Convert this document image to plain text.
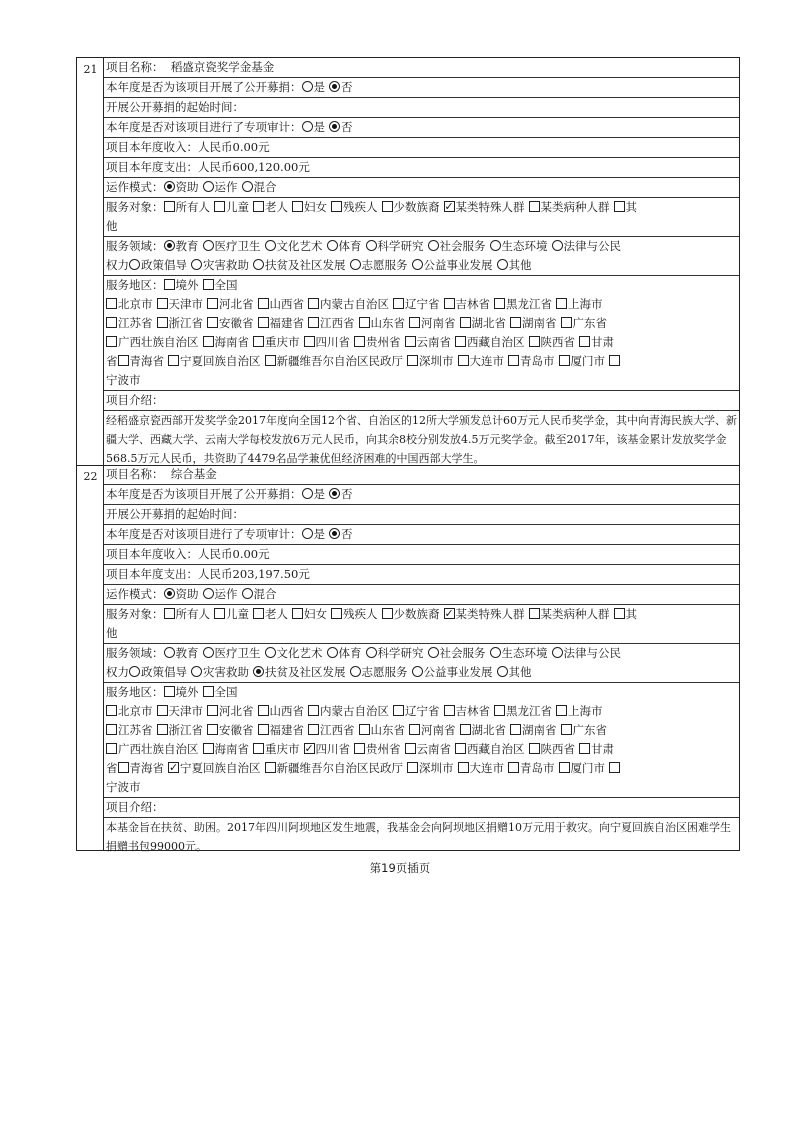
21 项目名称： 稻盛京瓷奖学金基金
本年度是否为该项目开展了公开募捐： 是 否
开展公开募捐的起始时间：
本年度是否对该项目进行了专项审计： 是 否
项目本年度收入：人民币0.00元
项目本年度支出：人民币600,120.00元
运作模式： 资助 运作 混合
服务对象： 所有人 儿童 老人 妇女 残疾人 少数族裔 ✓ 某类特殊人群 某类病种人群 其
他
服务领域： 教育 医疗卫生 文化艺术 体育 科学研究 社会服务 生态环境 法律与公民
权力 政策倡导 灾害救助 扶贫及社区发展 志愿服务 公益事业发展 其他
服务地区： 境外 全国
北京市 天津市 河北省 山西省 内蒙古自治区 辽宁省 吉林省 黑龙江省 上海市
江苏省 浙江省 安徽省 福建省 江西省 山东省 河南省 湖北省 湖南省 广东省
广西壮族自治区 海南省 重庆市 四川省 贵州省 云南省 西藏自治区 陕西省 甘肃
省 青海省 宁夏回族自治区 新疆维吾尔自治区民政厅 深圳市 大连市 青岛市 厦门市
宁波市
项目介绍：
经稻盛京瓷西部开发奖学金2017年度向全国12个省、自治区的12所大学颁发总计60万元人民币奖学金，其中向青海民族大学、新疆大学、西藏大学、云南大学每校发放6万元人民币，向其余8校分别发放4.5万元奖学金。截至2017年，该基金累计发放奖学金568.5万元人民币，共资助了4479名品学兼优但经济困难的中国西部大学生。
22 项目名称： 综合基金
本年度是否为该项目开展了公开募捐： 是 否
开展公开募捐的起始时间：
本年度是否对该项目进行了专项审计： 是 否
项目本年度收入：人民币0.00元
项目本年度支出：人民币203,197.50元
运作模式： 资助 运作 混合
服务对象： 所有人 儿童 老人 妇女 残疾人 少数族裔 ✓ 某类特殊人群 某类病种人群 其
他
服务领域： 教育 医疗卫生 文化艺术 体育 科学研究 社会服务 生态环境 法律与公民
权力 政策倡导 灾害救助 扶贫及社区发展 志愿服务 公益事业发展 其他
服务地区： 境外 全国
北京市 天津市 河北省 山西省 内蒙古自治区 辽宁省 吉林省 黑龙江省 上海市
江苏省 浙江省 安徽省 福建省 江西省 山东省 河南省 湖北省 湖南省 广东省
广西壮族自治区 海南省 重庆市 ✓ 四川省 贵州省 云南省 西藏自治区 陕西省 甘肃
省 青海省 ✓ 宁夏回族自治区 新疆维吾尔自治区民政厅 深圳市 大连市 青岛市 厦门市
宁波市
项目介绍：
本基金旨在扶贫、助困。2017年四川阿坝地区发生地震，我基金会向阿坝地区捐赠10万元用于救灾。向宁夏回族自治区困难学生捐赠书包99000元。
第19页插页
